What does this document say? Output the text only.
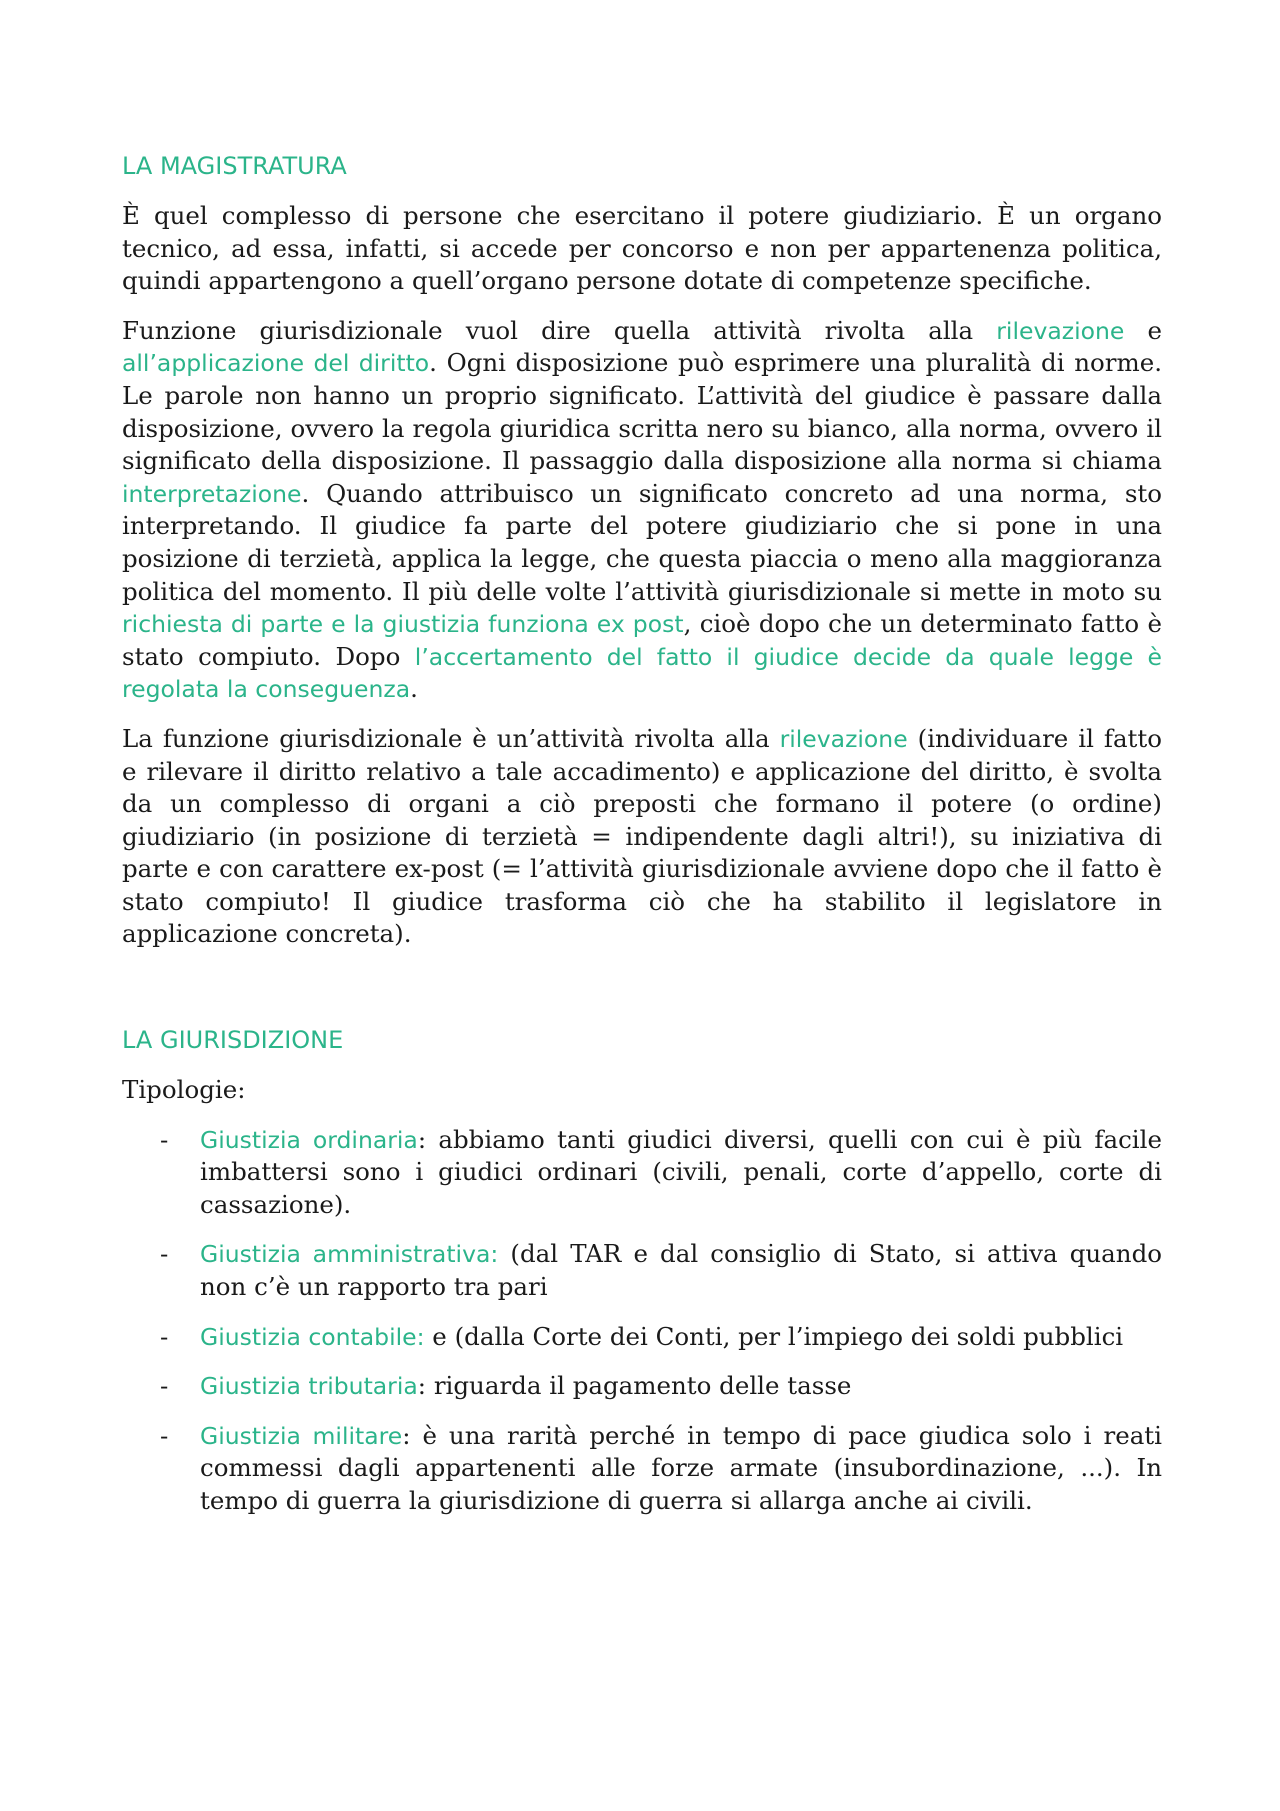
LA MAGISTRATURA

È quel complesso di persone che esercitano il potere giudiziario. È un organo tecnico, ad essa, infatti, si accede per concorso e non per appartenenza politica, quindi appartengono a quell’organo persone dotate di competenze specifiche.

Funzione giurisdizionale vuol dire quella attività rivolta alla rilevazione e all’applicazione del diritto. Ogni disposizione può esprimere una pluralità di norme. Le parole non hanno un proprio significato. L’attività del giudice è passare dalla disposizione, ovvero la regola giuridica scritta nero su bianco, alla norma, ovvero il significato della disposizione. Il passaggio dalla disposizione alla norma si chiama interpretazione. Quando attribuisco un significato concreto ad una norma, sto interpretando. Il giudice fa parte del potere giudiziario che si pone in una posizione di terzietà, applica la legge, che questa piaccia o meno alla maggioranza politica del momento. Il più delle volte l’attività giurisdizionale si mette in moto su richiesta di parte e la giustizia funziona ex post, cioè dopo che un determinato fatto è stato compiuto. Dopo l’accertamento del fatto il giudice decide da quale legge è regolata la conseguenza.

La funzione giurisdizionale è un’attività rivolta alla rilevazione (individuare il fatto e rilevare il diritto relativo a tale accadimento) e applicazione del diritto, è svolta da un complesso di organi a ciò preposti che formano il potere (o ordine) giudiziario (in posizione di terzietà = indipendente dagli altri!), su iniziativa di parte e con carattere ex-post (= l’attività giurisdizionale avviene dopo che il fatto è stato compiuto! Il giudice trasforma ciò che ha stabilito il legislatore in applicazione concreta).

LA GIURISDIZIONE

Tipologie:

- Giustizia ordinaria: abbiamo tanti giudici diversi, quelli con cui è più facile imbattersi sono i giudici ordinari (civili, penali, corte d’appello, corte di cassazione).
- Giustizia amministrativa: (dal TAR e dal consiglio di Stato, si attiva quando non c’è un rapporto tra pari
- Giustizia contabile: e (dalla Corte dei Conti, per l’impiego dei soldi pubblici
- Giustizia tributaria: riguarda il pagamento delle tasse
- Giustizia militare: è una rarità perché in tempo di pace giudica solo i reati commessi dagli appartenenti alle forze armate (insubordinazione, ...). In tempo di guerra la giurisdizione di guerra si allarga anche ai civili.
